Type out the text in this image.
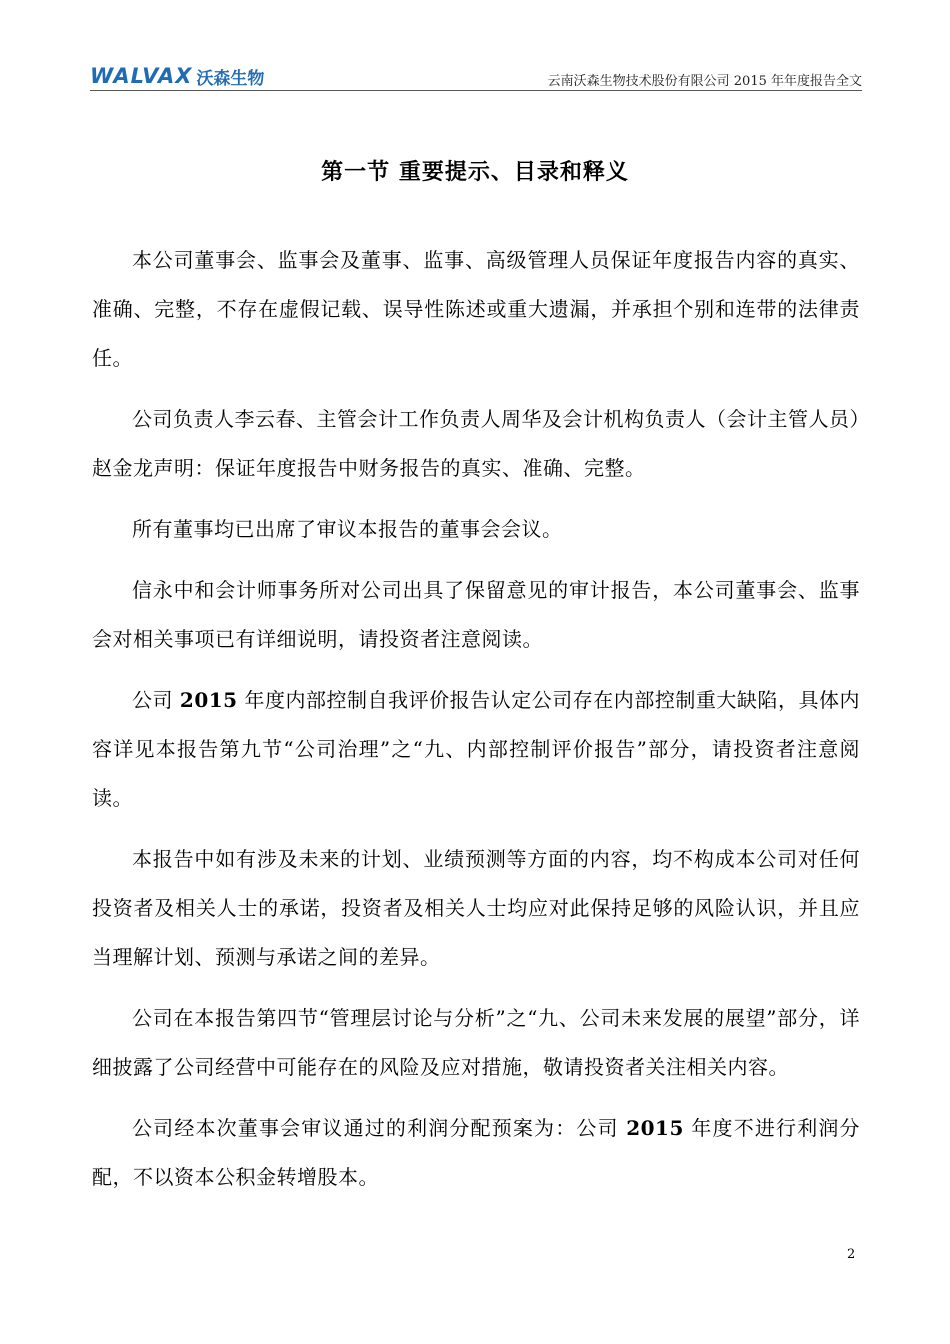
WALVAX 沃森生物	云南沃森生物技术股份有限公司 2015 年年度报告全文
第一节 重要提示、目录和释义

本公司董事会、监事会及董事、监事、高级管理人员保证年度报告内容的真实、准确、完整，不存在虚假记载、误导性陈述或重大遗漏，并承担个别和连带的法律责任。

公司负责人李云春、主管会计工作负责人周华及会计机构负责人（会计主管人员）赵金龙声明：保证年度报告中财务报告的真实、准确、完整。

所有董事均已出席了审议本报告的董事会会议。

信永中和会计师事务所对公司出具了保留意见的审计报告，本公司董事会、监事会对相关事项已有详细说明，请投资者注意阅读。

公司 2015 年度内部控制自我评价报告认定公司存在内部控制重大缺陷，具体内容详见本报告第九节“公司治理”之“九、内部控制评价报告”部分，请投资者注意阅读。

本报告中如有涉及未来的计划、业绩预测等方面的内容，均不构成本公司对任何投资者及相关人士的承诺，投资者及相关人士均应对此保持足够的风险认识，并且应当理解计划、预测与承诺之间的差异。

公司在本报告第四节“管理层讨论与分析”之“九、公司未来发展的展望”部分，详细披露了公司经营中可能存在的风险及应对措施，敬请投资者关注相关内容。

公司经本次董事会审议通过的利润分配预案为：公司 2015 年度不进行利润分配，不以资本公积金转增股本。

2
